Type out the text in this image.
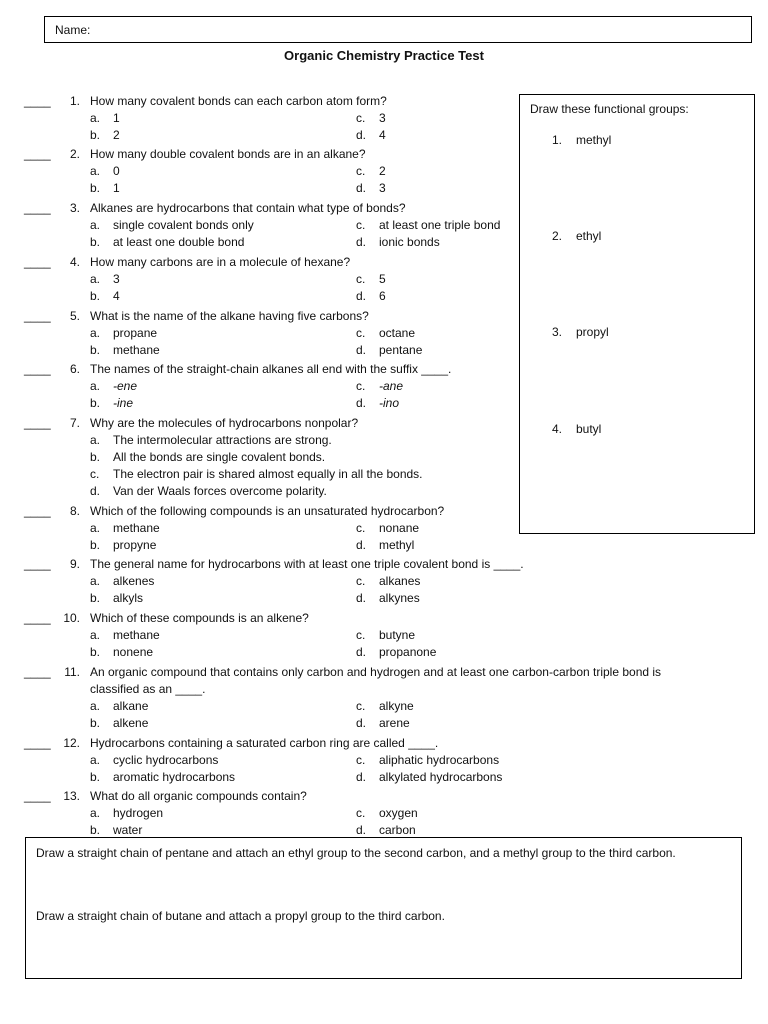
Name:
Organic Chemistry Practice Test
____	1. How many covalent bonds can each carbon atom form?
a.	1	c.	3
b.	2	d.	4
____	2. How many double covalent bonds are in an alkane?
a.	0	c.	2
b.	1	d.	3
____	3. Alkanes are hydrocarbons that contain what type of bonds?
a.	single covalent bonds only	c.	at least one triple bond
b.	at least one double bond	d.	ionic bonds
____	4. How many carbons are in a molecule of hexane?
a.	3	c.	5
b.	4	d.	6
____	5. What is the name of the alkane having five carbons?
a.	propane	c.	octane
b.	methane	d.	pentane
____	6. The names of the straight-chain alkanes all end with the suffix ____.
a.	-ene	c.	-ane
b.	-ine	d.	-ino
____	7. Why are the molecules of hydrocarbons nonpolar?
a.	The intermolecular attractions are strong.
b.	All the bonds are single covalent bonds.
c.	The electron pair is shared almost equally in all the bonds.
d.	Van der Waals forces overcome polarity.
____	8. Which of the following compounds is an unsaturated hydrocarbon?
a.	methane	c.	nonane
b.	propyne	d.	methyl
____	9. The general name for hydrocarbons with at least one triple covalent bond is ____.
a.	alkenes	c.	alkanes
b.	alkyls	d.	alkynes
____	10. Which of these compounds is an alkene?
a.	methane	c.	butyne
b.	nonene	d.	propanone
____	11. An organic compound that contains only carbon and hydrogen and at least one carbon-carbon triple bond is
classified as an ____.
a.	alkane	c.	alkyne
b.	alkene	d.	arene
____	12. Hydrocarbons containing a saturated carbon ring are called ____.
a.	cyclic hydrocarbons	c.	aliphatic hydrocarbons
b.	aromatic hydrocarbons	d.	alkylated hydrocarbons
____	13. What do all organic compounds contain?
a.	hydrogen	c.	oxygen
b.	water	d.	carbon
Draw these functional groups:
1. methyl
2. ethyl
3. propyl
4. butyl
Draw a straight chain of pentane and attach an ethyl group to the second carbon, and a methyl group to the third carbon.
Draw a straight chain of butane and attach a propyl group to the third carbon.
